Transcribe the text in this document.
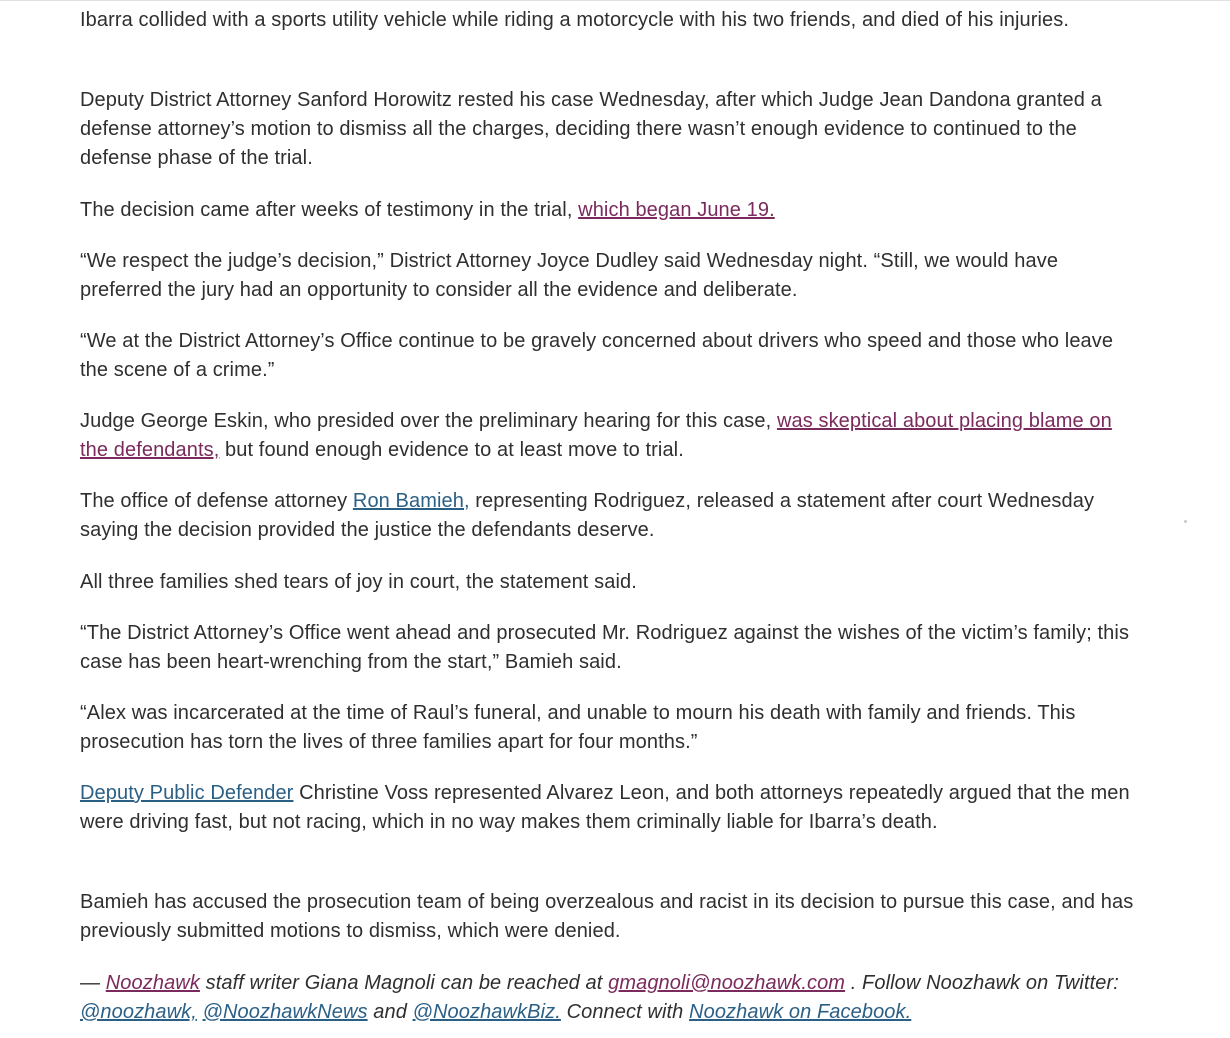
Ibarra collided with a sports utility vehicle while riding a motorcycle with his two friends, and died of his injuries.

Deputy District Attorney Sanford Horowitz rested his case Wednesday, after which Judge Jean Dandona granted a defense attorney’s motion to dismiss all the charges, deciding there wasn’t enough evidence to continued to the defense phase of the trial.

The decision came after weeks of testimony in the trial, which began June 19.

“We respect the judge’s decision,” District Attorney Joyce Dudley said Wednesday night. “Still, we would have preferred the jury had an opportunity to consider all the evidence and deliberate.

“We at the District Attorney’s Office continue to be gravely concerned about drivers who speed and those who leave the scene of a crime.”

Judge George Eskin, who presided over the preliminary hearing for this case, was skeptical about placing blame on the defendants, but found enough evidence to at least move to trial.

The office of defense attorney Ron Bamieh, representing Rodriguez, released a statement after court Wednesday saying the decision provided the justice the defendants deserve.

All three families shed tears of joy in court, the statement said.

“The District Attorney’s Office went ahead and prosecuted Mr. Rodriguez against the wishes of the victim’s family; this case has been heart-wrenching from the start,” Bamieh said.

“Alex was incarcerated at the time of Raul’s funeral, and unable to mourn his death with family and friends. This prosecution has torn the lives of three families apart for four months.”

Deputy Public Defender Christine Voss represented Alvarez Leon, and both attorneys repeatedly argued that the men were driving fast, but not racing, which in no way makes them criminally liable for Ibarra’s death.

Bamieh has accused the prosecution team of being overzealous and racist in its decision to pursue this case, and has previously submitted motions to dismiss, which were denied.

— Noozhawk staff writer Giana Magnoli can be reached at gmagnoli@noozhawk.com . Follow Noozhawk on Twitter: @noozhawk, @NoozhawkNews and @NoozhawkBiz. Connect with Noozhawk on Facebook.
